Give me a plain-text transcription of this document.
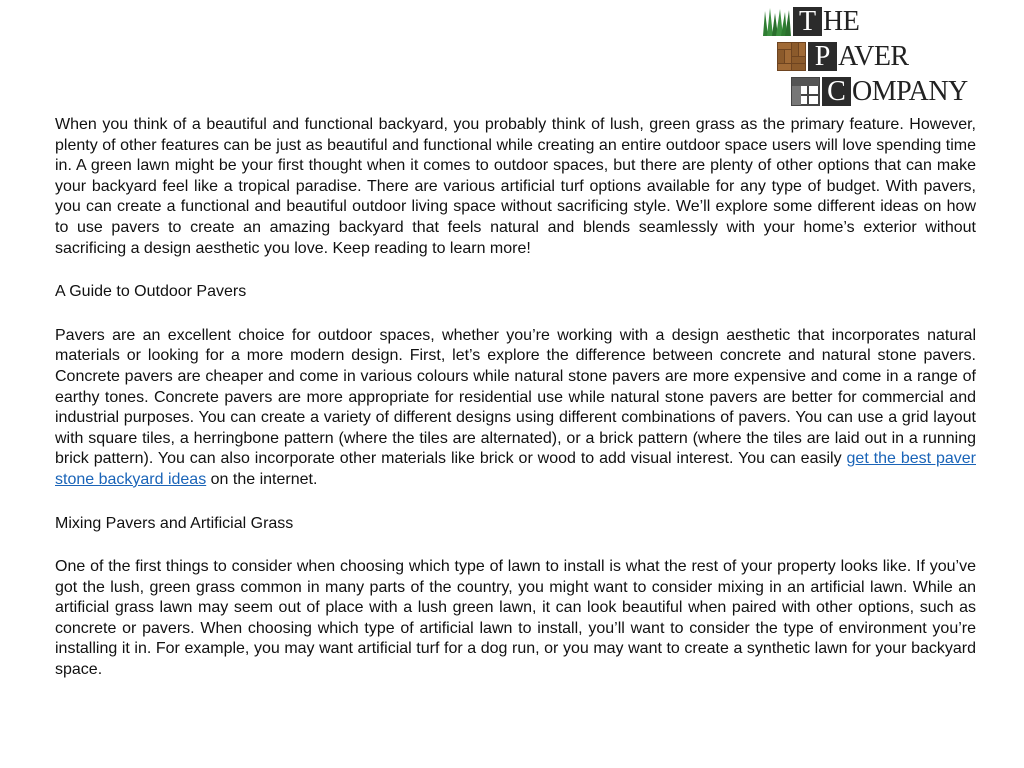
T HE
P AVER
C OMPANY

When you think of a beautiful and functional backyard, you probably think of lush, green grass as the primary feature. However, plenty of other features can be just as beautiful and functional while creating an entire outdoor space users will love spending time in. A green lawn might be your first thought when it comes to outdoor spaces, but there are plenty of other options that can make your backyard feel like a tropical paradise. There are various artificial turf options available for any type of budget. With pavers, you can create a functional and beautiful outdoor living space without sacrificing style. We’ll explore some different ideas on how to use pavers to create an amazing backyard that feels natural and blends seamlessly with your home’s exterior without sacrificing a design aesthetic you love. Keep reading to learn more!

A Guide to Outdoor Pavers

Pavers are an excellent choice for outdoor spaces, whether you’re working with a design aesthetic that incorporates natural materials or looking for a more modern design. First, let’s explore the difference between concrete and natural stone pavers. Concrete pavers are cheaper and come in various colours while natural stone pavers are more expensive and come in a range of earthy tones. Concrete pavers are more appropriate for residential use while natural stone pavers are better for commercial and industrial purposes. You can create a variety of different designs using different combinations of pavers. You can use a grid layout with square tiles, a herringbone pattern (where the tiles are alternated), or a brick pattern (where the tiles are laid out in a running brick pattern). You can also incorporate other materials like brick or wood to add visual interest. You can easily get the best paver stone backyard ideas on the internet.

Mixing Pavers and Artificial Grass

One of the first things to consider when choosing which type of lawn to install is what the rest of your property looks like. If you’ve got the lush, green grass common in many parts of the country, you might want to consider mixing in an artificial lawn. While an artificial grass lawn may seem out of place with a lush green lawn, it can look beautiful when paired with other options, such as concrete or pavers. When choosing which type of artificial lawn to install, you’ll want to consider the type of environment you’re installing it in. For example, you may want artificial turf for a dog run, or you may want to create a synthetic lawn for your backyard space.
